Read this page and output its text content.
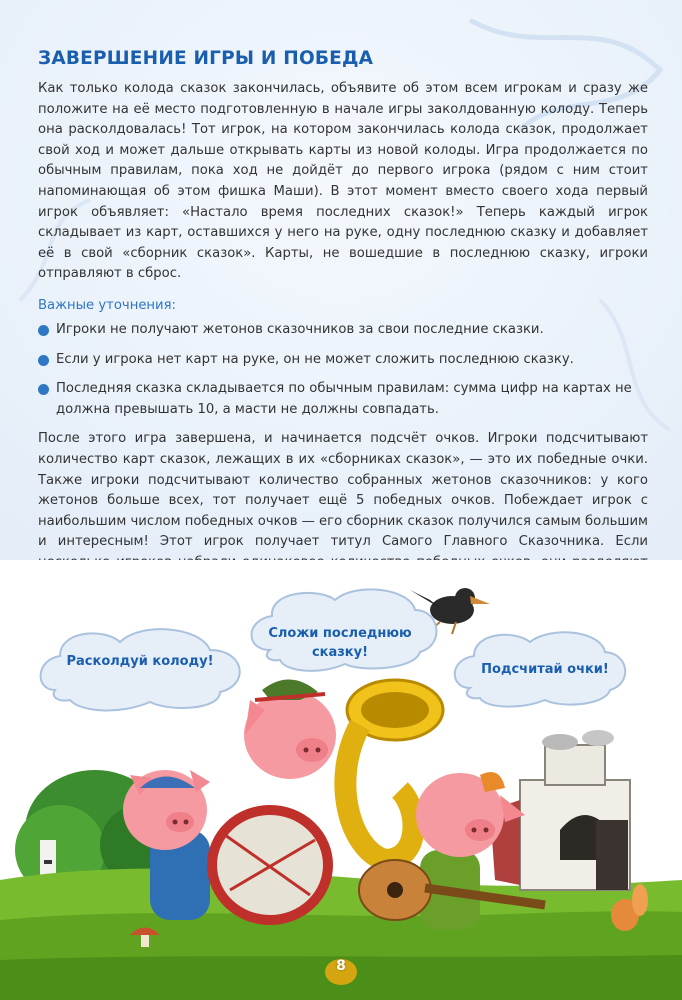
ЗАВЕРШЕНИЕ ИГРЫ И ПОБЕДА

Как только колода сказок закончилась, объявите об этом всем игрокам и сразу же положите на её место подготовленную в начале игры заколдованную колоду. Теперь она расколдовалась! Тот игрок, на котором закончилась колода сказок, продолжает свой ход и может дальше открывать карты из новой колоды. Игра продолжается по обычным правилам, пока ход не дойдёт до первого игрока (рядом с ним стоит напоминающая об этом фишка Маши). В этот момент вместо своего хода первый игрок объявляет: «Настало время последних сказок!» Теперь каждый игрок складывает из карт, оставшихся у него на руке, одну последнюю сказку и добавляет её в свой «сборник сказок». Карты, не вошедшие в последнюю сказку, игроки отправляют в сброс.

Важные уточнения:
Игроки не получают жетонов сказочников за свои последние сказки.
Если у игрока нет карт на руке, он не может сложить последнюю сказку.
Последняя сказка складывается по обычным правилам: сумма цифр на картах не должна превышать 10, а масти не должны совпадать.

После этого игра завершена, и начинается подсчёт очков. Игроки подсчитывают количество карт сказок, лежащих в их «сборниках сказок», — это их победные очки. Также игроки подсчитывают количество собранных жетонов сказочников: у кого жетонов больше всех, тот получает ещё 5 победных очков. Побеждает игрок с наибольшим числом победных очков — его сборник сказок получился самым большим и интересным! Этот игрок получает титул Самого Главного Сказочника. Если

Расколдуй колоду!
Сложи последнюю
сказку!
Подсчитай очки!
8
